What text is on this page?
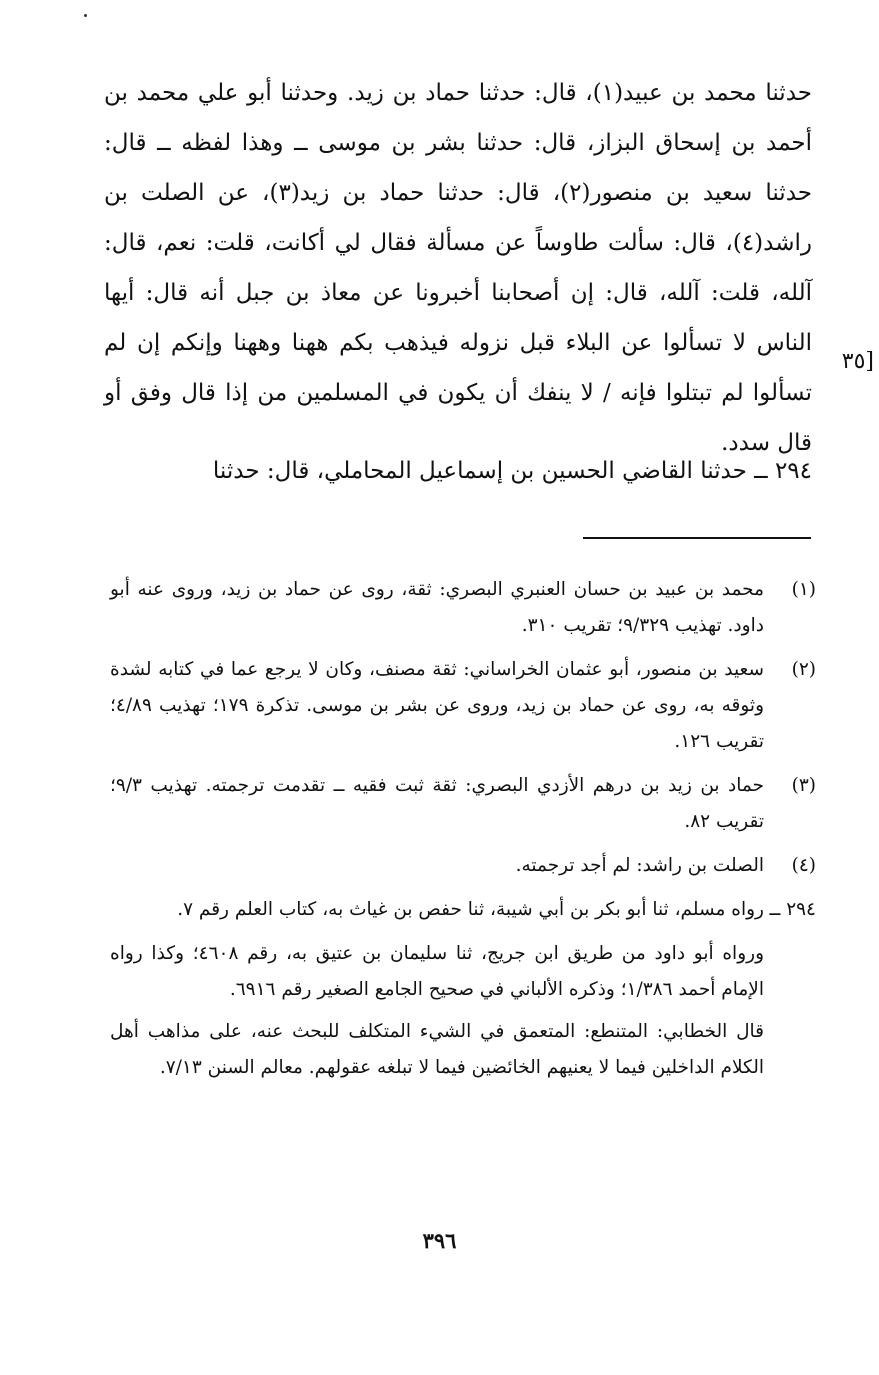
حدثنا محمد بن عبيد(١)، قال: حدثنا حماد بن زيد. وحدثنا أبو علي محمد بن أحمد بن إسحاق البزاز، قال: حدثنا بشر بن موسى ــ وهذا لفظه ــ قال: حدثنا سعيد بن منصور(٢)، قال: حدثنا حماد بن زيد(٣)، عن الصلت بن راشد(٤)، قال: سألت طاوساً عن مسألة فقال لي أكانت، قلت: نعم، قال: آلله، قلت: آلله، قال: إن أصحابنا أخبرونا عن معاذ بن جبل أنه قال: أيها الناس لا تسألوا عن البلاء قبل نزوله فيذهب بكم ههنا وههنا وإنكم إن لم تسألوا لم تبتلوا فإنه / لا ينفك أن يكون في المسلمين من إذا قال وفق أو قال سدد.

[٣٥
٢٩٤ ــ حدثنا القاضي الحسين بن إسماعيل المحاملي، قال: حدثنا
(١)
محمد بن عبيد بن حسان العنبري البصري: ثقة، روى عن حماد بن زيد، وروى عنه أبو داود. تهذيب ٩/٣٢٩؛ تقريب ٣١٠.
(٢)
سعيد بن منصور، أبو عثمان الخراساني: ثقة مصنف، وكان لا يرجع عما في كتابه لشدة وثوقه به، روى عن حماد بن زيد، وروى عن بشر بن موسى. تذكرة ١٧٩؛ تهذيب ٤/٨٩؛ تقريب ١٢٦.
(٣)
حماد بن زيد بن درهم الأزدي البصري: ثقة ثبت فقيه ــ تقدمت ترجمته. تهذيب ٩/٣؛ تقريب ٨٢.
(٤)
الصلت بن راشد: لم أجد ترجمته.
٢٩٤ ــ
رواه مسلم، ثنا أبو بكر بن أبي شيبة، ثنا حفص بن غياث به، كتاب العلم رقم ٧.
ورواه أبو داود من طريق ابن جريج، ثنا سليمان بن عتيق به، رقم ٤٦٠٨؛ وكذا رواه الإمام أحمد ١/٣٨٦؛ وذكره الألباني في صحيح الجامع الصغير رقم ٦٩١٦.
قال الخطابي: المتنطع: المتعمق في الشيء المتكلف للبحث عنه، على مذاهب أهل الكلام الداخلين فيما لا يعنيهم الخائضين فيما لا تبلغه عقولهم. معالم السنن ٧/١٣.
٣٩٦
